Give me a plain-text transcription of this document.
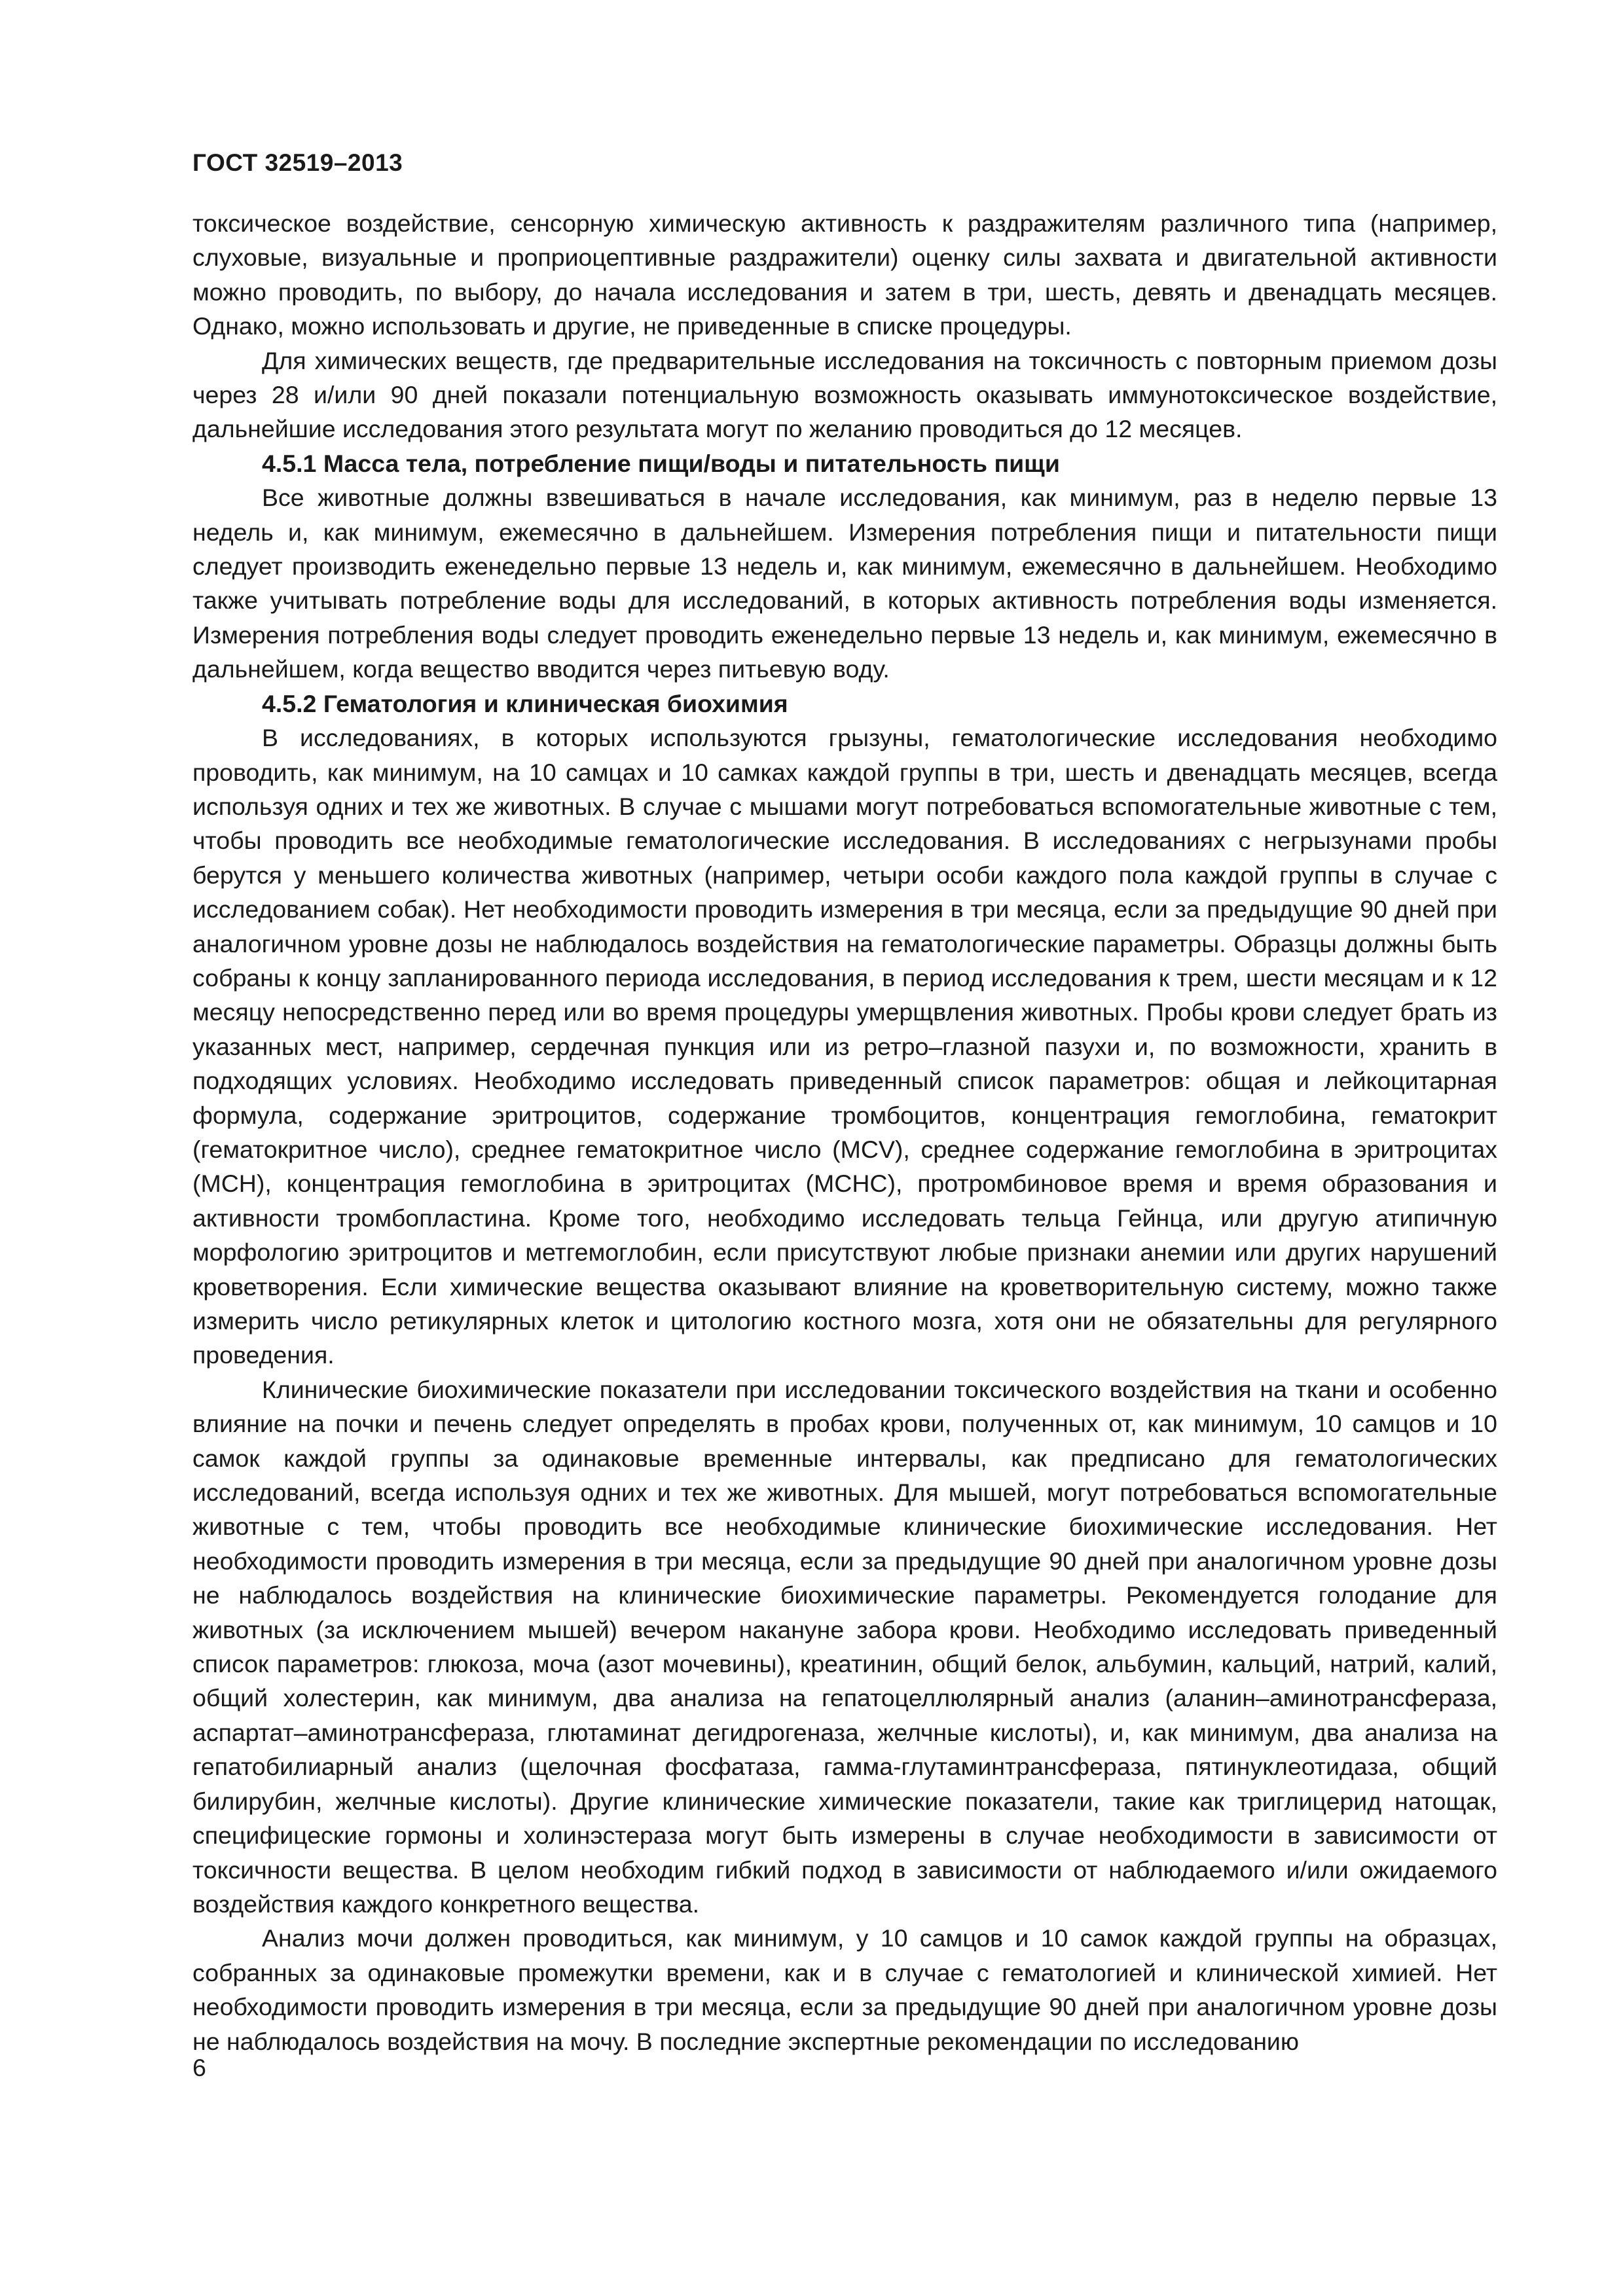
ГОСТ 32519–2013

токсическое воздействие, сенсорную химическую активность к раздражителям различного типа (например, слуховые, визуальные и проприоцептивные раздражители) оценку силы захвата и двигательной активности можно проводить, по выбору, до начала исследования и затем в три, шесть, девять и двенадцать месяцев. Однако, можно использовать и другие, не приведенные в списке процедуры.

Для химических веществ, где предварительные исследования на токсичность с повторным приемом дозы через 28 и/или 90 дней показали потенциальную возможность оказывать иммунотоксическое воздействие, дальнейшие исследования этого результата могут по желанию проводиться до 12 месяцев.

4.5.1 Масса тела, потребление пищи/воды и питательность пищи

Все животные должны взвешиваться в начале исследования, как минимум, раз в неделю первые 13 недель и, как минимум, ежемесячно в дальнейшем. Измерения потребления пищи и питательности пищи следует производить еженедельно первые 13 недель и, как минимум, ежемесячно в дальнейшем. Необходимо также учитывать потребление воды для исследований, в которых активность потребления воды изменяется. Измерения потребления воды следует проводить еженедельно первые 13 недель и, как минимум, ежемесячно в дальнейшем, когда вещество вводится через питьевую воду.

4.5.2 Гематология и клиническая биохимия

В исследованиях, в которых используются грызуны, гематологические исследования необходимо проводить, как минимум, на 10 самцах и 10 самках каждой группы в три, шесть и двенадцать месяцев, всегда используя одних и тех же животных. В случае с мышами могут потребоваться вспомогательные животные с тем, чтобы проводить все необходимые гематологические исследования. В исследованиях с негрызунами пробы берутся у меньшего количества животных (например, четыри особи каждого пола каждой группы в случае с исследованием собак). Нет необходимости проводить измерения в три месяца, если за предыдущие 90 дней при аналогичном уровне дозы не наблюдалось воздействия на гематологические параметры. Образцы должны быть собраны к концу запланированного периода исследования, в период исследования к трем, шести месяцам и к 12 месяцу непосредственно перед или во время процедуры умерщвления животных. Пробы крови следует брать из указанных мест, например, сердечная пункция или из ретро–глазной пазухи и, по возможности, хранить в подходящих условиях. Необходимо исследовать приведенный список параметров: общая и лейкоцитарная формула, содержание эритроцитов, содержание тромбоцитов, концентрация гемоглобина, гематокрит (гематокритное число), среднее гематокритное число (MCV), среднее содержание гемоглобина в эритроцитах (MCH), концентрация гемоглобина в эритроцитах (MCHC), протромбиновое время и время образования и активности тромбопластина. Кроме того, необходимо исследовать тельца Гейнца, или другую атипичную морфологию эритроцитов и метгемоглобин, если присутствуют любые признаки анемии или других нарушений кроветворения. Если химические вещества оказывают влияние на кроветворительную систему, можно также измерить число ретикулярных клеток и цитологию костного мозга, хотя они не обязательны для регулярного проведения.

Клинические биохимические показатели при исследовании токсического воздействия на ткани и особенно влияние на почки и печень следует определять в пробах крови, полученных от, как минимум, 10 самцов и 10 самок каждой группы за одинаковые временные интервалы, как предписано для гематологических исследований, всегда используя одних и тех же животных. Для мышей, могут потребоваться вспомогательные животные с тем, чтобы проводить все необходимые клинические биохимические исследования. Нет необходимости проводить измерения в три месяца, если за предыдущие 90 дней при аналогичном уровне дозы не наблюдалось воздействия на клинические биохимические параметры. Рекомендуется голодание для животных (за исключением мышей) вечером накануне забора крови. Необходимо исследовать приведенный список параметров: глюкоза, моча (азот мочевины), креатинин, общий белок, альбумин, кальций, натрий, калий, общий холестерин, как минимум, два анализа на гепатоцеллюлярный анализ (аланин–аминотрансфераза, аспартат–аминотрансфераза, глютаминат дегидрогеназа, желчные кислоты), и, как минимум, два анализа на гепатобилиарный анализ (щелочная фосфатаза, гамма-глутаминтрансфераза, пятинуклеотидаза, общий билирубин, желчные кислоты). Другие клинические химические показатели, такие как триглицерид натощак, специфицеские гормоны и холинэстераза могут быть измерены в случае необходимости в зависимости от токсичности вещества. В целом необходим гибкий подход в зависимости от наблюдаемого и/или ожидаемого воздействия каждого конкретного вещества.

Анализ мочи должен проводиться, как минимум, у 10 самцов и 10 самок каждой группы на образцах, собранных за одинаковые промежутки времени, как и в случае с гематологией и клинической химией. Нет необходимости проводить измерения в три месяца, если за предыдущие 90 дней при аналогичном уровне дозы не наблюдалось воздействия на мочу. В последние экспертные рекомендации по исследованию

6
